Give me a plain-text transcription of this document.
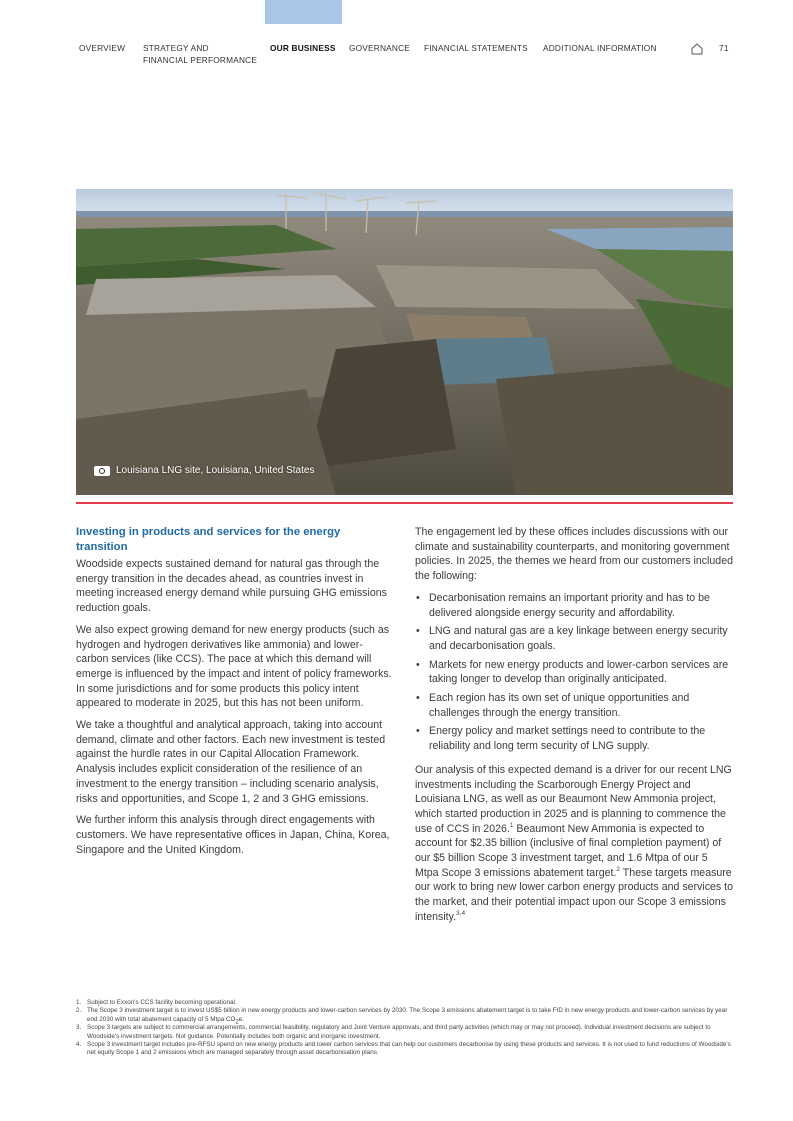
OVERVIEW STRATEGY AND
FINANCIAL PERFORMANCE
OUR BUSINESS GOVERNANCE FINANCIAL STATEMENTS ADDITIONAL INFORMATION	71
Louisiana LNG site, Louisiana, United States
Investing in products and services for the energy transition

Woodside expects sustained demand for natural gas through the energy transition in the decades ahead, as countries invest in meeting increased energy demand while pursuing GHG emissions reduction goals.

We also expect growing demand for new energy products (such as hydrogen and hydrogen derivatives like ammonia) and lower-carbon services (like CCS). The pace at which this demand will emerge is influenced by the impact and intent of policy frameworks. In some jurisdictions and for some products this policy intent appeared to moderate in 2025, but this has not been uniform.

We take a thoughtful and analytical approach, taking into account demand, climate and other factors. Each new investment is tested against the hurdle rates in our Capital Allocation Framework. Analysis includes explicit consideration of the resilience of an investment to the energy transition – including scenario analysis, risks and opportunities, and Scope 1, 2 and 3 GHG emissions.

We further inform this analysis through direct engagements with customers. We have representative offices in Japan, China, Korea, Singapore and the United Kingdom.

The engagement led by these offices includes discussions with our climate and sustainability counterparts, and monitoring government policies. In 2025, the themes we heard from our customers included the following:

• Decarbonisation remains an important priority and has to be delivered alongside energy security and affordability.
• LNG and natural gas are a key linkage between energy security and decarbonisation goals.
• Markets for new energy products and lower-carbon services are taking longer to develop than originally anticipated.
• Each region has its own set of unique opportunities and challenges through the energy transition.
• Energy policy and market settings need to contribute to the reliability and long term security of LNG supply.

Our analysis of this expected demand is a driver for our recent LNG investments including the Scarborough Energy Project and Louisiana LNG, as well as our Beaumont New Ammonia project, which started production in 2025 and is planning to commence the use of CCS in 2026.$^1$ Beaumont New Ammonia is expected to account for $2.35 billion (inclusive of final completion payment) of our $5 billion Scope 3 investment target, and 1.6 Mtpa of our 5 Mtpa Scope 3 emissions abatement target.$^2$ These targets measure our work to bring new lower carbon energy products and services to the market, and their potential impact upon our Scope 3 emissions intensity.$^{3,4}$

1. Subject to Exxon's CCS facility becoming operational.
2. The Scope 3 investment target is to invest US$5 billion in new energy products and lower-carbon services by 2030. The Scope 3 emissions abatement target is to take FID in new energy products and lower-carbon services by year end 2030 with total abatement capacity of 5 Mtpa $CO_2e$.
3. Scope 3 targets are subject to commercial arrangements, commercial feasibility, regulatory and Joint Venture approvals, and third party activities (which may or may not proceed). Individual investment decisions are subject to Woodside's investment targets. Not guidance. Potentially includes both organic and inorganic investment.
4. Scope 3 investment target includes pre-RFSU spend on new energy products and lower carbon services that can help our customers decarbonise by using these products and services. It is not used to fund reductions of Woodside's net equity Scope 1 and 2 emissions which are managed separately through asset decarbonisation plans.
